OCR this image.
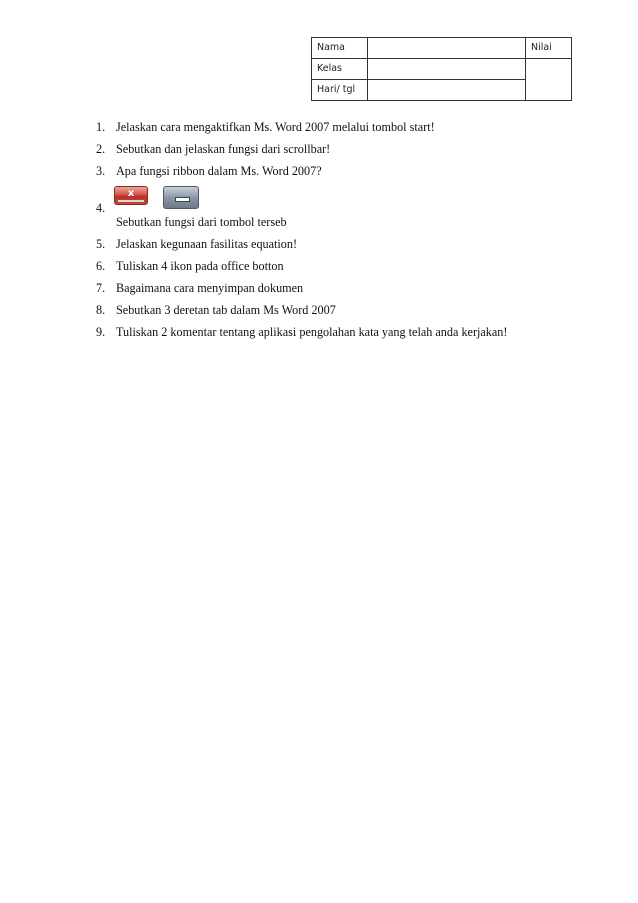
Nama		Nilai
Kelas		
Hari/ tgl		
1. Jelaskan cara mengaktifkan Ms. Word 2007 melalui tombol start!
2. Sebutkan dan jelaskan fungsi dari scrollbar!
3. Apa fungsi ribbon dalam Ms. Word 2007?
4.
x
Sebutkan fungsi dari tombol terseb
5. Jelaskan kegunaan fasilitas equation!
6. Tuliskan 4 ikon pada office botton
7. Bagaimana cara menyimpan dokumen
8. Sebutkan 3 deretan tab dalam Ms Word 2007
9. Tuliskan 2 komentar tentang aplikasi pengolahan kata yang telah anda kerjakan!
